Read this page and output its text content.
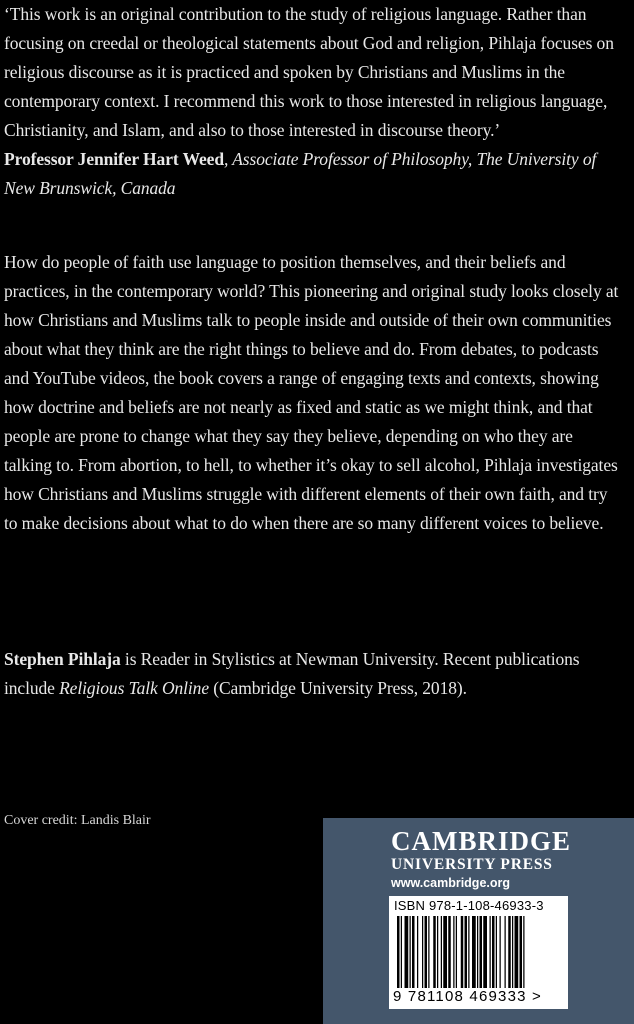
‘This work is an original contribution to the study of religious language. Rather than focusing on creedal or theological statements about God and religion, Pihlaja focuses on religious discourse as it is practiced and spoken by Christians and Muslims in the contemporary context. I recommend this work to those interested in religious language, Christianity, and Islam, and also to those interested in discourse theory.’
Professor Jennifer Hart Weed, Associate Professor of Philosophy, The University of New Brunswick, Canada
How do people of faith use language to position themselves, and their beliefs and practices, in the contemporary world? This pioneering and original study looks closely at how Christians and Muslims talk to people inside and outside of their own communities about what they think are the right things to believe and do. From debates, to podcasts and YouTube videos, the book covers a range of engaging texts and contexts, showing how doctrine and beliefs are not nearly as fixed and static as we might think, and that people are prone to change what they say they believe, depending on who they are talking to. From abortion, to hell, to whether it’s okay to sell alcohol, Pihlaja investigates how Christians and Muslims struggle with different elements of their own faith, and try to make decisions about what to do when there are so many different voices to believe.
Stephen Pihlaja is Reader in Stylistics at Newman University. Recent publications include Religious Talk Online (Cambridge University Press, 2018).
Cover credit: Landis Blair
CAMBRIDGE
UNIVERSITY PRESS
www.cambridge.org
ISBN 978-1-108-46933-3
9 781108 469333 >
